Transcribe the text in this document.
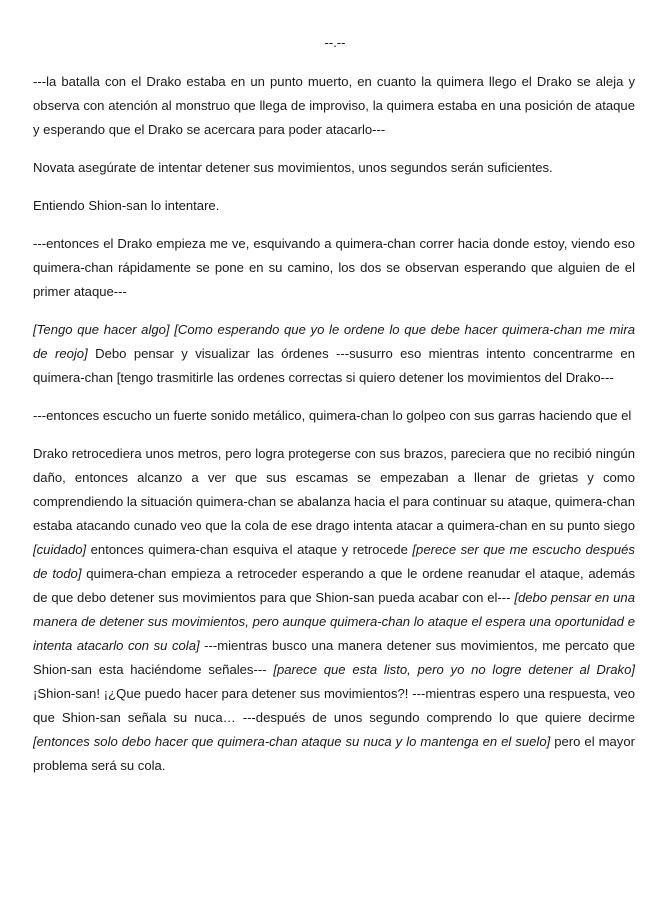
--.--

---la batalla con el Drako estaba en un punto muerto, en cuanto la quimera llego el Drako se aleja y observa con atención al monstruo que llega de improviso, la quimera estaba en una posición de ataque y esperando que el Drako se acercara para poder atacarlo---

Novata asegúrate de intentar detener sus movimientos, unos segundos serán suficientes.

Entiendo Shion-san lo intentare.

---entonces el Drako empieza me ve, esquivando a quimera-chan correr hacia donde estoy, viendo eso quimera-chan rápidamente se pone en su camino, los dos se observan esperando que alguien de el primer ataque---

[Tengo que hacer algo] [Como esperando que yo le ordene lo que debe hacer quimera-chan me mira de reojo] Debo pensar y visualizar las órdenes ---susurro eso mientras intento concentrarme en quimera-chan [tengo trasmitirle las ordenes correctas si quiero detener los movimientos del Drako---

---entonces escucho un fuerte sonido metálico, quimera-chan lo golpeo con sus garras haciendo que el

Drako retrocediera unos metros, pero logra protegerse con sus brazos, pareciera que no recibió ningún daño, entonces alcanzo a ver que sus escamas se empezaban a llenar de grietas y como comprendiendo la situación quimera-chan se abalanza hacia el para continuar su ataque, quimera-chan estaba atacando cunado veo que la cola de ese drago intenta atacar a quimera-chan en su punto siego [cuidado] entonces quimera-chan esquiva el ataque y retrocede [perece ser que me escucho después de todo] quimera-chan empieza a retroceder esperando a que le ordene reanudar el ataque, además de que debo detener sus movimientos para que Shion-san pueda acabar con el--- [debo pensar en una manera de detener sus movimientos, pero aunque quimera-chan lo ataque el espera una oportunidad e intenta atacarlo con su cola] ---mientras busco una manera detener sus movimientos, me percato que Shion-san esta haciéndome señales--- [parece que esta listo, pero yo no logre detener al Drako] ¡Shion-san! ¡¿Que puedo hacer para detener sus movimientos?! ---mientras espero una respuesta, veo que Shion-san señala su nuca… ---después de unos segundo comprendo lo que quiere decirme [entonces solo debo hacer que quimera-chan ataque su nuca y lo mantenga en el suelo] pero el mayor problema será su cola.
